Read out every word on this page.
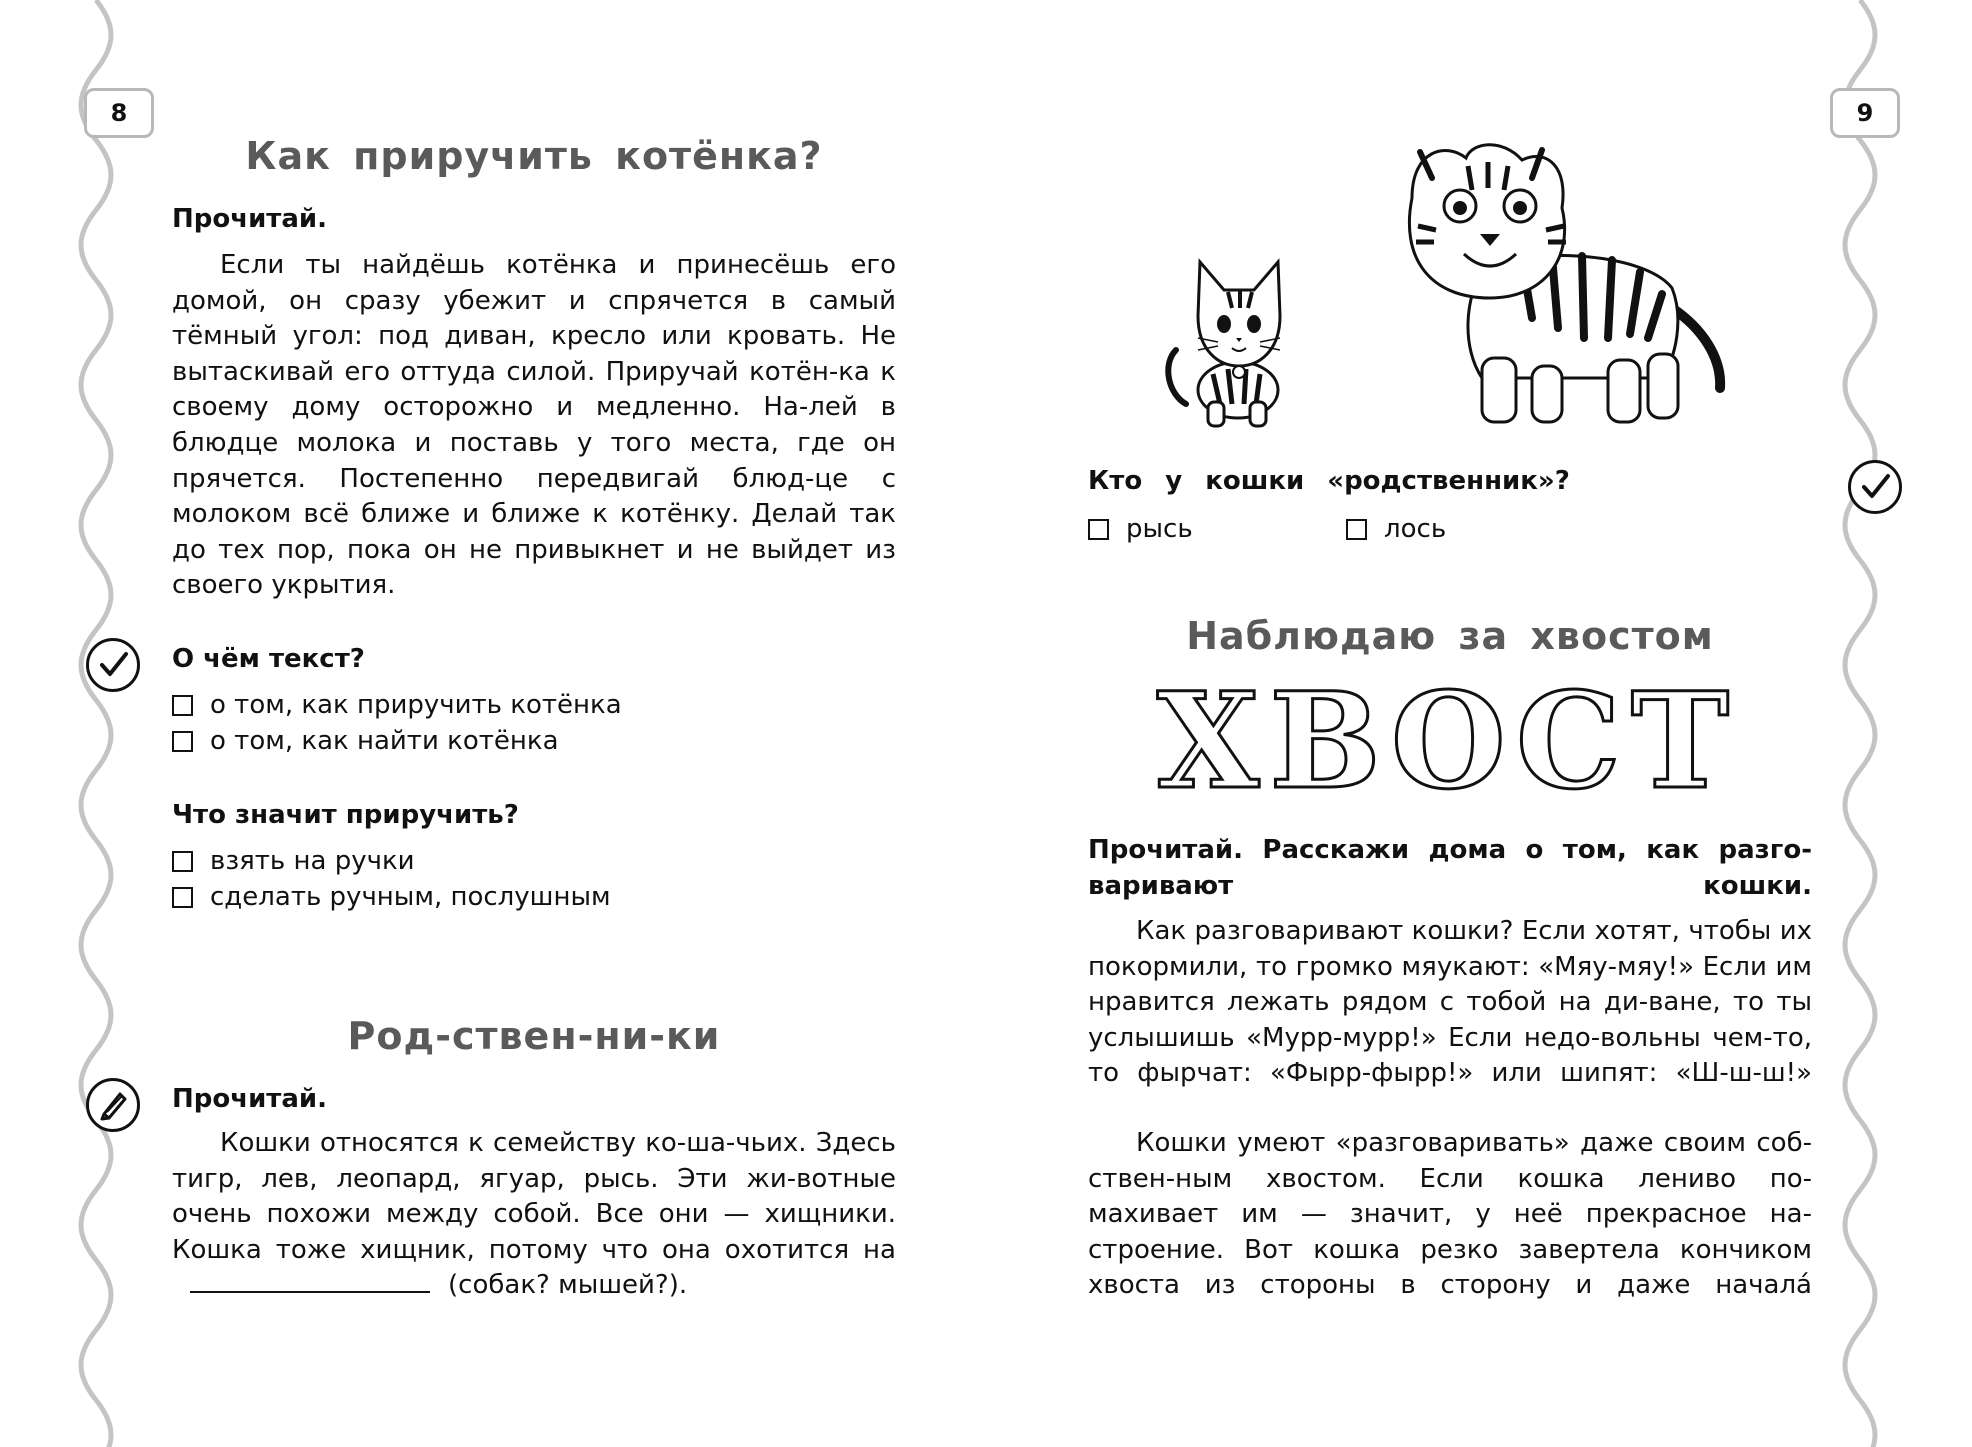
8	9
Как приручить котёнка?
Прочитай.

Если ты найдёшь котёнка и принесёшь его домой, он сразу убежит и спрячется в самый тёмный угол: под диван, кресло или кровать. Не вытаскивай его оттуда силой. Приручай котён-ка к своему дому осторожно и медленно. На-лей в блюдце молока и поставь у того места, где он прячется. Постепенно передвигай блюд-це с молоком всё ближе и ближе к котёнку. Делай так до тех пор, пока он не привыкнет и не выйдет из своего укрытия.

О чём текст?
о том, как приручить котёнка
о том, как найти котёнка
Что значит приручить?
взять на ручки
сделать ручным, послушным
Род-ствен-ни-ки
Прочитай.

Кошки относятся к семейству ко-ша-чьих. Здесь тигр, лев, леопард, ягуар, рысь. Эти жи-вотные очень похожи между собой. Все они — хищники. Кошка тоже хищник, потому что она охотится на(собак? мышей?).

Кто у кошки «родственник»?
рысь	лось
Наблюдаю за хвостом
ХВОСТ

Прочитай. Расскажи дома о том, как разго-варивают кошки.

Как разговаривают кошки? Если хотят, чтобы их покормили, то громко мяукают: «Мяу-мяу!» Если им нравится лежать рядом с тобой на ди-ване, то ты услышишь «Мурр-мурр!» Если недо-вольны чем-то, то фырчат: «Фырр-фырр!» или шипят: «Ш-ш-ш!»

Кошки умеют «разговаривать» даже своим соб-ствен-ным хвостом. Если кошка лениво по-махивает им — значит, у неё прекрасное на-строение. Вот кошка резко завертела кончиком хвоста из стороны в сторону и даже начала́
